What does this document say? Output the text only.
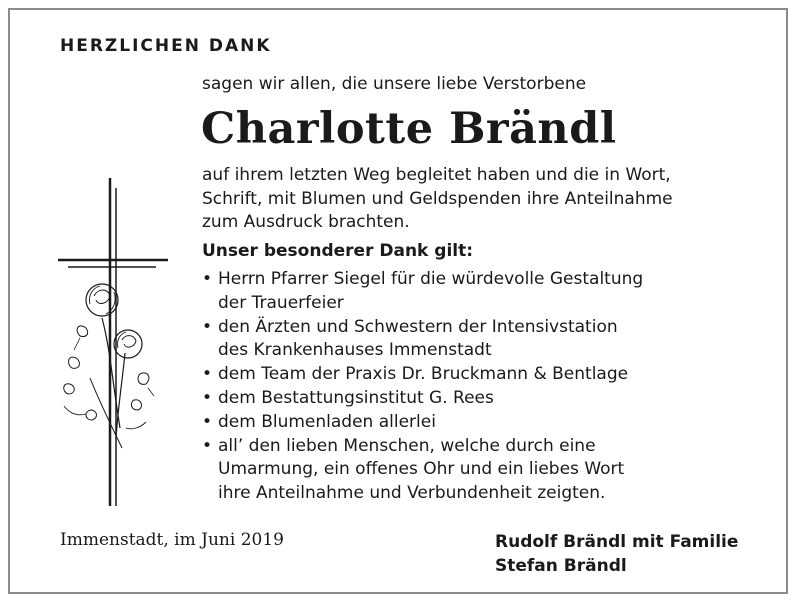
HERZLICHEN DANK
sagen wir allen, die unsere liebe Verstorbene
Charlotte Brändl
auf ihrem letzten Weg begleitet haben und die in Wort,
Schrift, mit Blumen und Geldspenden ihre Anteilnahme
zum Ausdruck brachten.
Unser besonderer Dank gilt:
• Herrn Pfarrer Siegel für die würdevolle Gestaltung
der Trauerfeier
• den Ärzten und Schwestern der Intensivstation
des Krankenhauses Immenstadt
• dem Team der Praxis Dr. Bruckmann & Bentlage
• dem Bestattungsinstitut G. Rees
• dem Blumenladen allerlei
• all’ den lieben Menschen, welche durch eine
Umarmung, ein offenes Ohr und ein liebes Wort
ihre Anteilnahme und Verbundenheit zeigten.
Immenstadt, im Juni 2019	Rudolf Brändl mit Familie
Stefan Brändl
